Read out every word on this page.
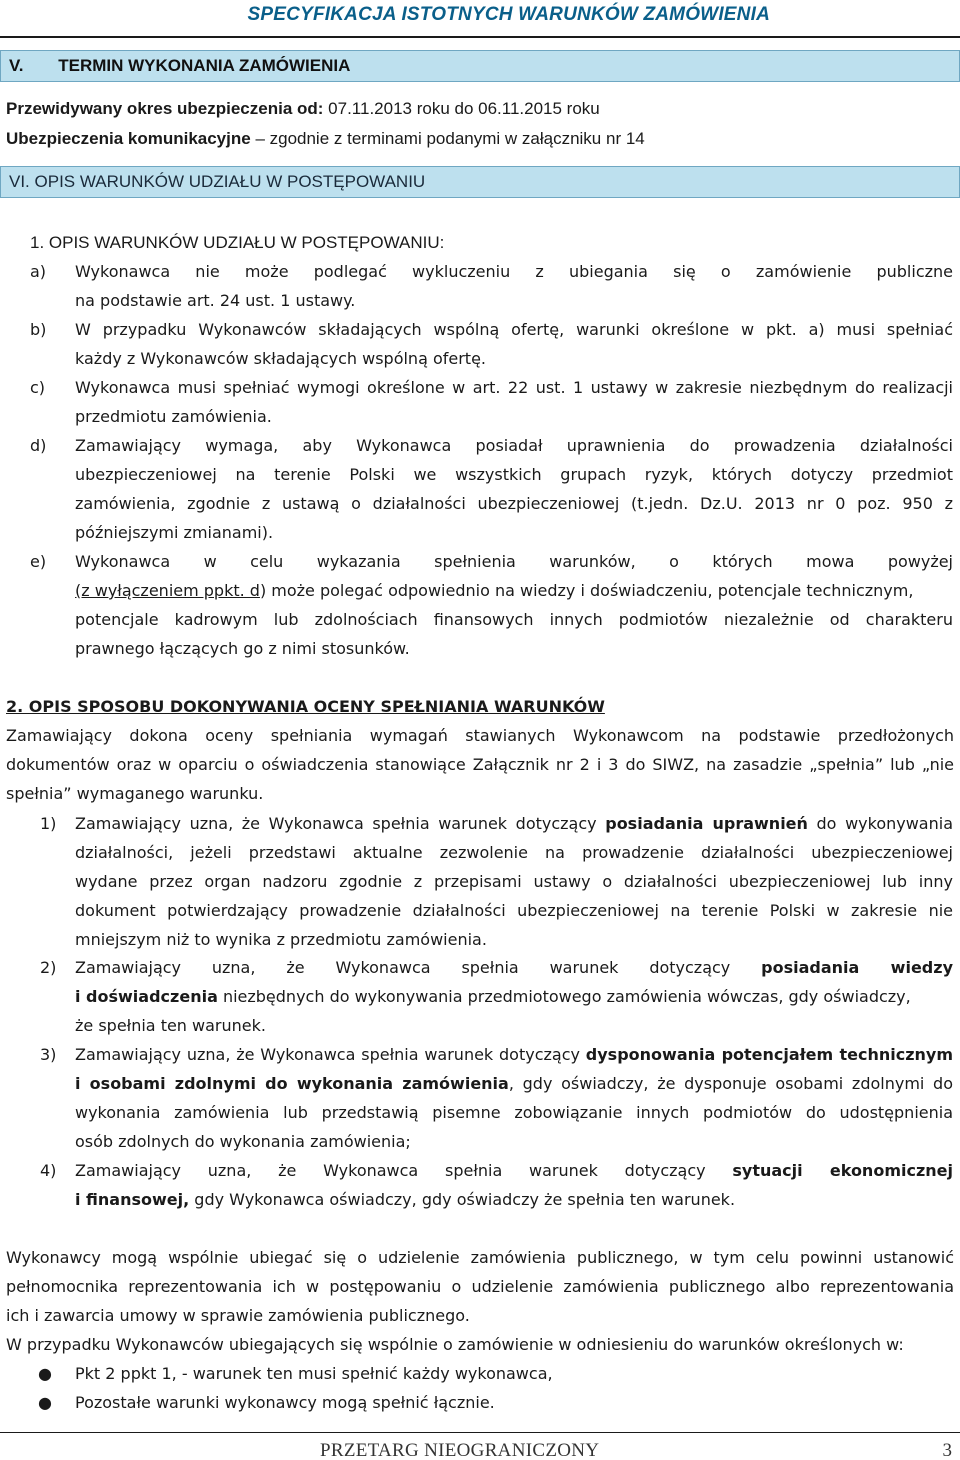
SPECYFIKACJA ISTOTNYCH WARUNKÓW ZAMÓWIENIA
V. TERMIN WYKONANIA ZAMÓWIENIA
Przewidywany okres ubezpieczenia od: 07.11.2013 roku do 06.11.2015 roku
Ubezpieczenia komunikacyjne – zgodnie z terminami podanymi w załączniku nr 14
VI. OPIS WARUNKÓW UDZIAŁU W POSTĘPOWANIU
1. OPIS WARUNKÓW UDZIAŁU W POSTĘPOWANIU:
a) Wykonawca nie może podlegać wykluczeniu z ubiegania się o zamówienie publiczne
na podstawie art. 24 ust. 1 ustawy.
b) W przypadku Wykonawców składających wspólną ofertę, warunki określone w pkt. a) musi spełniać
każdy z Wykonawców składających wspólną ofertę.
c) Wykonawca musi spełniać wymogi określone w art. 22 ust. 1 ustawy w zakresie niezbędnym do realizacji
przedmiotu zamówienia.
d) Zamawiający wymaga, aby Wykonawca posiadał uprawnienia do prowadzenia działalności
ubezpieczeniowej na terenie Polski we wszystkich grupach ryzyk, których dotyczy przedmiot
zamówienia, zgodnie z ustawą o działalności ubezpieczeniowej (t.jedn. Dz.U. 2013 nr 0 poz. 950 z
późniejszymi zmianami).
e) Wykonawca w celu wykazania spełnienia warunków, o których mowa powyżej
(z wyłączeniem ppkt. d) może polegać odpowiednio na wiedzy i doświadczeniu, potencjale technicznym,
potencjale kadrowym lub zdolnościach finansowych innych podmiotów niezależnie od charakteru
prawnego łączących go z nimi stosunków.
2. OPIS SPOSOBU DOKONYWANIA OCENY SPEŁNIANIA WARUNKÓW
Zamawiający dokona oceny spełniania wymagań stawianych Wykonawcom na podstawie przedłożonych
dokumentów oraz w oparciu o oświadczenia stanowiące Załącznik nr 2 i 3 do SIWZ, na zasadzie „spełnia” lub „nie
spełnia” wymaganego warunku.
1) Zamawiający uzna, że Wykonawca spełnia warunek dotyczący posiadania uprawnień do wykonywania
działalności, jeżeli przedstawi aktualne zezwolenie na prowadzenie działalności ubezpieczeniowej
wydane przez organ nadzoru zgodnie z przepisami ustawy o działalności ubezpieczeniowej lub inny
dokument potwierdzający prowadzenie działalności ubezpieczeniowej na terenie Polski w zakresie nie
mniejszym niż to wynika z przedmiotu zamówienia.
2) Zamawiający uzna, że Wykonawca spełnia warunek dotyczący posiadania wiedzy
i doświadczenia niezbędnych do wykonywania przedmiotowego zamówienia wówczas, gdy oświadczy,
że spełnia ten warunek.
3) Zamawiający uzna, że Wykonawca spełnia warunek dotyczący dysponowania potencjałem technicznym
i osobami zdolnymi do wykonania zamówienia, gdy oświadczy, że dysponuje osobami zdolnymi do
wykonania zamówienia lub przedstawią pisemne zobowiązanie innych podmiotów do udostępnienia
osób zdolnych do wykonania zamówienia;
4) Zamawiający uzna, że Wykonawca spełnia warunek dotyczący sytuacji ekonomicznej
i finansowej, gdy Wykonawca oświadczy, gdy oświadczy że spełnia ten warunek.
Wykonawcy mogą wspólnie ubiegać się o udzielenie zamówienia publicznego, w tym celu powinni ustanowić
pełnomocnika reprezentowania ich w postępowaniu o udzielenie zamówienia publicznego albo reprezentowania
ich i zawarcia umowy w sprawie zamówienia publicznego.
W przypadku Wykonawców ubiegających się wspólnie o zamówienie w odniesieniu do warunków określonych w:
● Pkt 2 ppkt 1, - warunek ten musi spełnić każdy wykonawca,
● Pozostałe warunki wykonawcy mogą spełnić łącznie.
PRZETARG NIEOGRANICZONY	3
